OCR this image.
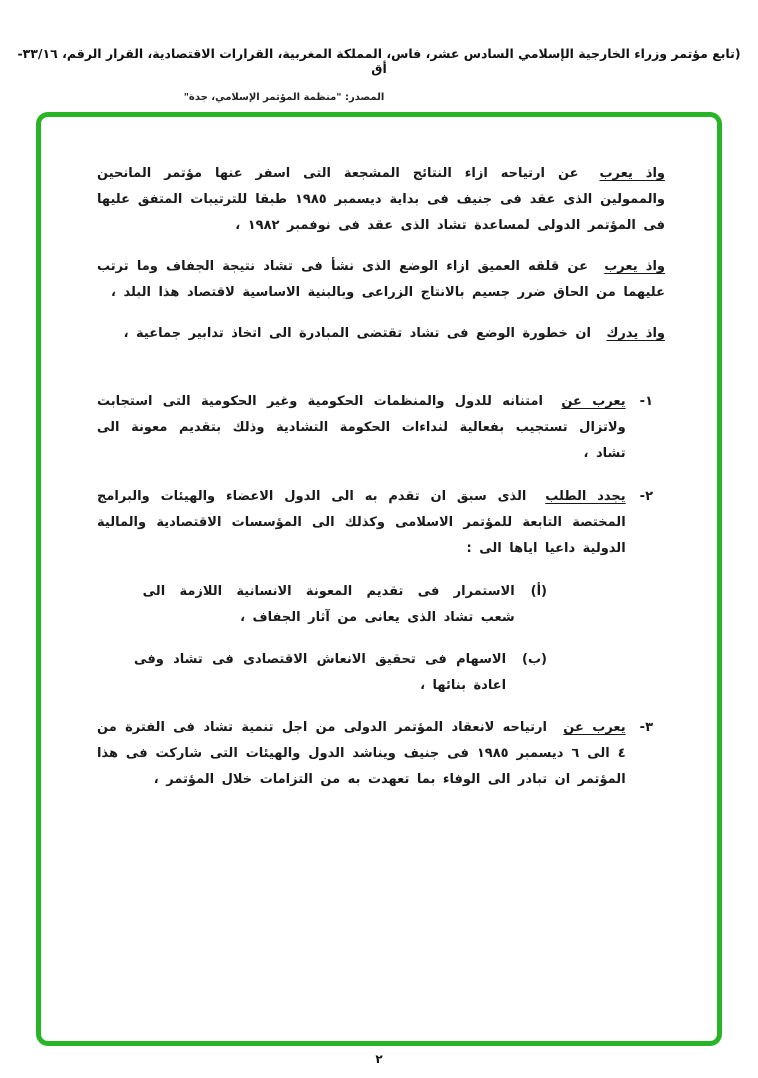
(تابع مؤتمر وزراء الخارجية الإسلامي السادس عشر، فاس، المملكة المغربية، القرارات الاقتصادية، القرار الرقم، ٣٣/١٦-أق
المصدر: "منظمة المؤتمر الإسلامي، جدة"

واذ يعرب عن ارتياحه ازاء النتائج المشجعة التى اسفر عنها مؤتمر المانحين والممولين الذى عقد فى جنيف فى بداية ديسمبر ١٩٨٥ طبقا للترتيبات المتفق عليها فى المؤتمر الدولى لمساعدة تشاد الذى عقد فى نوفمبر ١٩٨٢ ،

واذ يعرب عن قلقه العميق ازاء الوضع الذى نشأ فى تشاد نتيجة الجفاف وما ترتب عليهما من الحاق ضرر جسيم بالانتاج الزراعى وبالبنية الاساسية لاقتصاد هذا البلد ،

واذ يدرك ان خطورة الوضع فى تشاد تقتضى المبادرة الى اتخاذ تدابير جماعية ،

١-

يعرب عن امتنانه للدول والمنظمات الحكومية وغير الحكومية التى استجابت ولاتزال تستجيب بفعالية لنداءات الحكومة التشادية وذلك بتقديم معونة الى تشاد ،

٢-

يجدد الطلب الذى سبق ان تقدم به الى الدول الاعضاء والهيئات والبرامج المختصة التابعة للمؤتمر الاسلامى وكذلك الى المؤسسات الاقتصادية والمالية الدولية داعيا اياها الى :

(أ)

الاستمرار فى تقديم المعونة الانسانية اللازمة الى شعب تشاد الذى يعانى من آثار الجفاف ،

(ب)

الاسهام فى تحقيق الانعاش الاقتصادى فى تشاد وفى اعادة بنائها ،

٣-

يعرب عن ارتياحه لانعقاد المؤتمر الدولى من اجل تنمية تشاد فى الفترة من ٤ الى ٦ ديسمبر ١٩٨٥ فى جنيف ويناشد الدول والهيئات التى شاركت فى هذا المؤتمر ان تبادر الى الوفاء بما تعهدت به من التزامات خلال المؤتمر ،

٢
